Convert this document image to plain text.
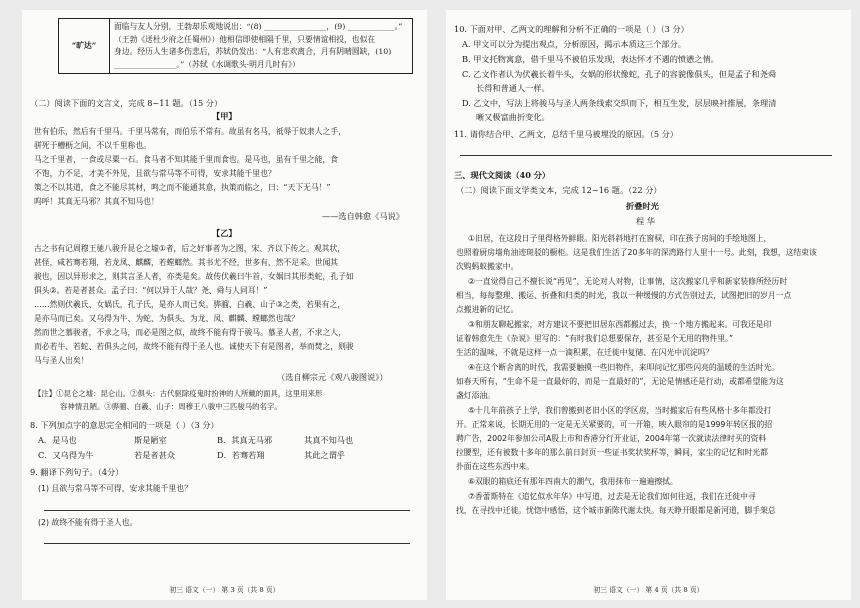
“旷达”	
面临与友人分别，王勃却乐观地说出：“(8) ________________，(9) ____________。”
（王勃《送杜少府之任蜀州》）他相信即使相隔千里，只要情谊相投，也似在
身边。经历人生诸多伤悲后，苏轼仍发出：“人有悲欢离合，月有阴晴圆缺，(10)
________________。”（苏轼《水调歌头·明月几时有》）
（二）阅读下面的文言文，完成 8~11 题。（15 分）
【甲】
世有伯乐，然后有千里马。千里马常有，而伯乐不常有。故虽有名马，祗辱于奴隶人之手，
骈死于槽枥之间，不以千里称也。
马之千里者，一食或尽粟一石。食马者不知其能千里而食也。是马也，虽有千里之能，食
不饱，力不足，才美不外见，且欲与常马等不可得，安求其能千里也？
策之不以其道，食之不能尽其材，鸣之而不能通其意，执策而临之，曰：“天下无马！”
呜呼！其真无马邪？其真不知马也！
——选自韩愈《马说》
【乙】
古之书有记周穆王驰八骏升昆仑之墟①者，后之好事者为之图，宋、齐以下传之。观其状，
甚怪，咸若骞若翔，若龙凤、麒麟，若螳螂然。其书尤不经，世多有，然不足采。世闻其
骏也，因以异形求之，则其言圣人者，亦类是矣。故传伏羲曰牛首，女娲曰其形类蛇，孔子如
俱头②。若是者甚众。孟子曰：“何以异于人哉？尧、舜与人同耳！”
……然则伏羲氏、女娲氏，孔子氏，是亦人而已矣。骅骝、白羲、山子③之类，若果有之，
是亦马而已矣。又乌得为牛、为蛇、为俱头、为龙、凤、麒麟、螳螂然也哉？
然而世之慕骏者，不求之马，而必是图之似，故终不能有得于骏马。慕圣人者，不求之人，
而必若牛、若蛇、若俱头之问，故终不能有得于圣人也。诚使天下有是图者，举而焚之，则骏
马与圣人出矣！
（选自柳宗元《观八骏图说》）
【注】①昆仑之墟：昆仑山。②俱头：古代驱除疫鬼时扮神的人所戴的面具，这里用来形
容神情丑陋。③骅骝、白羲、山子：周穆王八骏中三匹骏马的名字。
8. 下列加点字的意思完全相同的一项是（ ）（3 分）
A．是马也	斯是陋室	B．其真无马邪	其真不知马也
C．又乌得为牛	若是者甚众	D．若骞若翔	其此之谓乎
9. 翻译下列句子。（4分）
(1) 且欲与常马等不可得，安求其能千里也？
(2) 故终不能有得于圣人也。
初三 语文（一） 第 3 页（共 8 页）
10. 下面对甲、乙两文的理解和分析不正确的一项是（ ）（3 分）
A. 甲文可以分为提出观点，分析原因，揭示本质这三个部分。
B. 甲文托物寓意，借千里马不被伯乐发现，表达怀才不遇的愤懑之情。
C. 乙文作者认为伏羲长着牛头，女娲的形状像蛇，孔子的容貌像俱头，但是孟子和尧舜
长得和普通人一样。
D. 乙文中，写法上将骏马与圣人两条线索交织而下，相互生发，层层映衬推展，条理清
晰又极富曲折变化。
11. 请你结合甲、乙两文，总结千里马被埋没的原因。（5 分）
三、现代文阅读（40 分）
（二）阅读下面文学类文本，完成 12~16 题。（22 分）
折叠时光
程 华
①旧居，在这段日子里得格外鲜眼。阳光斜斜地打在窗棂，印在孩子房间的手绘地图上，
也照着厨房墙角油迹斑驳的橱柜。这是我们生活了20多年的深湾路行人里十一号。此刻，我想，这结束该
次购蚂蚁搬家中。
②一直觉得自己不擅长说“再见”，无论对人对物，让事情，这次搬家几乎和新家装修所经历时
相当，每每整理、搬运、折叠和归类的时光，我以一种缓慢的方式告别过去，试图把旧的岁月一点
点搬进新的记忆。
③和朋友聊起搬家，对方建议不要把旧居东西都搬过去，换一个地方搬起来。可我还是印
证着韩愈先生《杂说》里写的：“有时我们总想要保存，甚至是个无用的物件里。”
生活的温味，不就是这样一点一滴积累，在迁徙中复储、在闪光中沉淀吗？
④在这个断舍离的时代，我需要触摸一些旧物件，来叩问记忆那些闪亮的温暖的生活时光。
如春天所有，“生命不是一直最好的，而是一直最好的”，无论是情感还是行动，或都希望能为这
盏灯添油。
⑤十几年前孩子上学，我们曾搬到老旧小区的学区房，当时搬家后有些风格十多年都没打
开。正常来说，长期无用的一定是无关紧要的，可一开箱，映入眼帘的是1999年转区报的招
聘广告，2002年参加公司A股上市和香港分行开业证，2004年第一次就读法律时买的资料
拉腰型，还有被数十多年的那么前日封页一些证书奖状奖杯等，瞬间，家尘的记忆和时光都
扑面在这些东西中来。
⑥双眼的箱底还有那年四南大的潮气，我用抹布一遍遍擦拭。
⑦香蕾斯特在《追忆似水年华》中写道，过去是无论我们如何往返，我们在迁徙中寻
找，在寻找中迁徙。忧惚中感悟，这个城市新陈代谢太快。每天睁开眼都是新河道，脚手架总
初三 语文（一） 第 4 页（共 8 页）
